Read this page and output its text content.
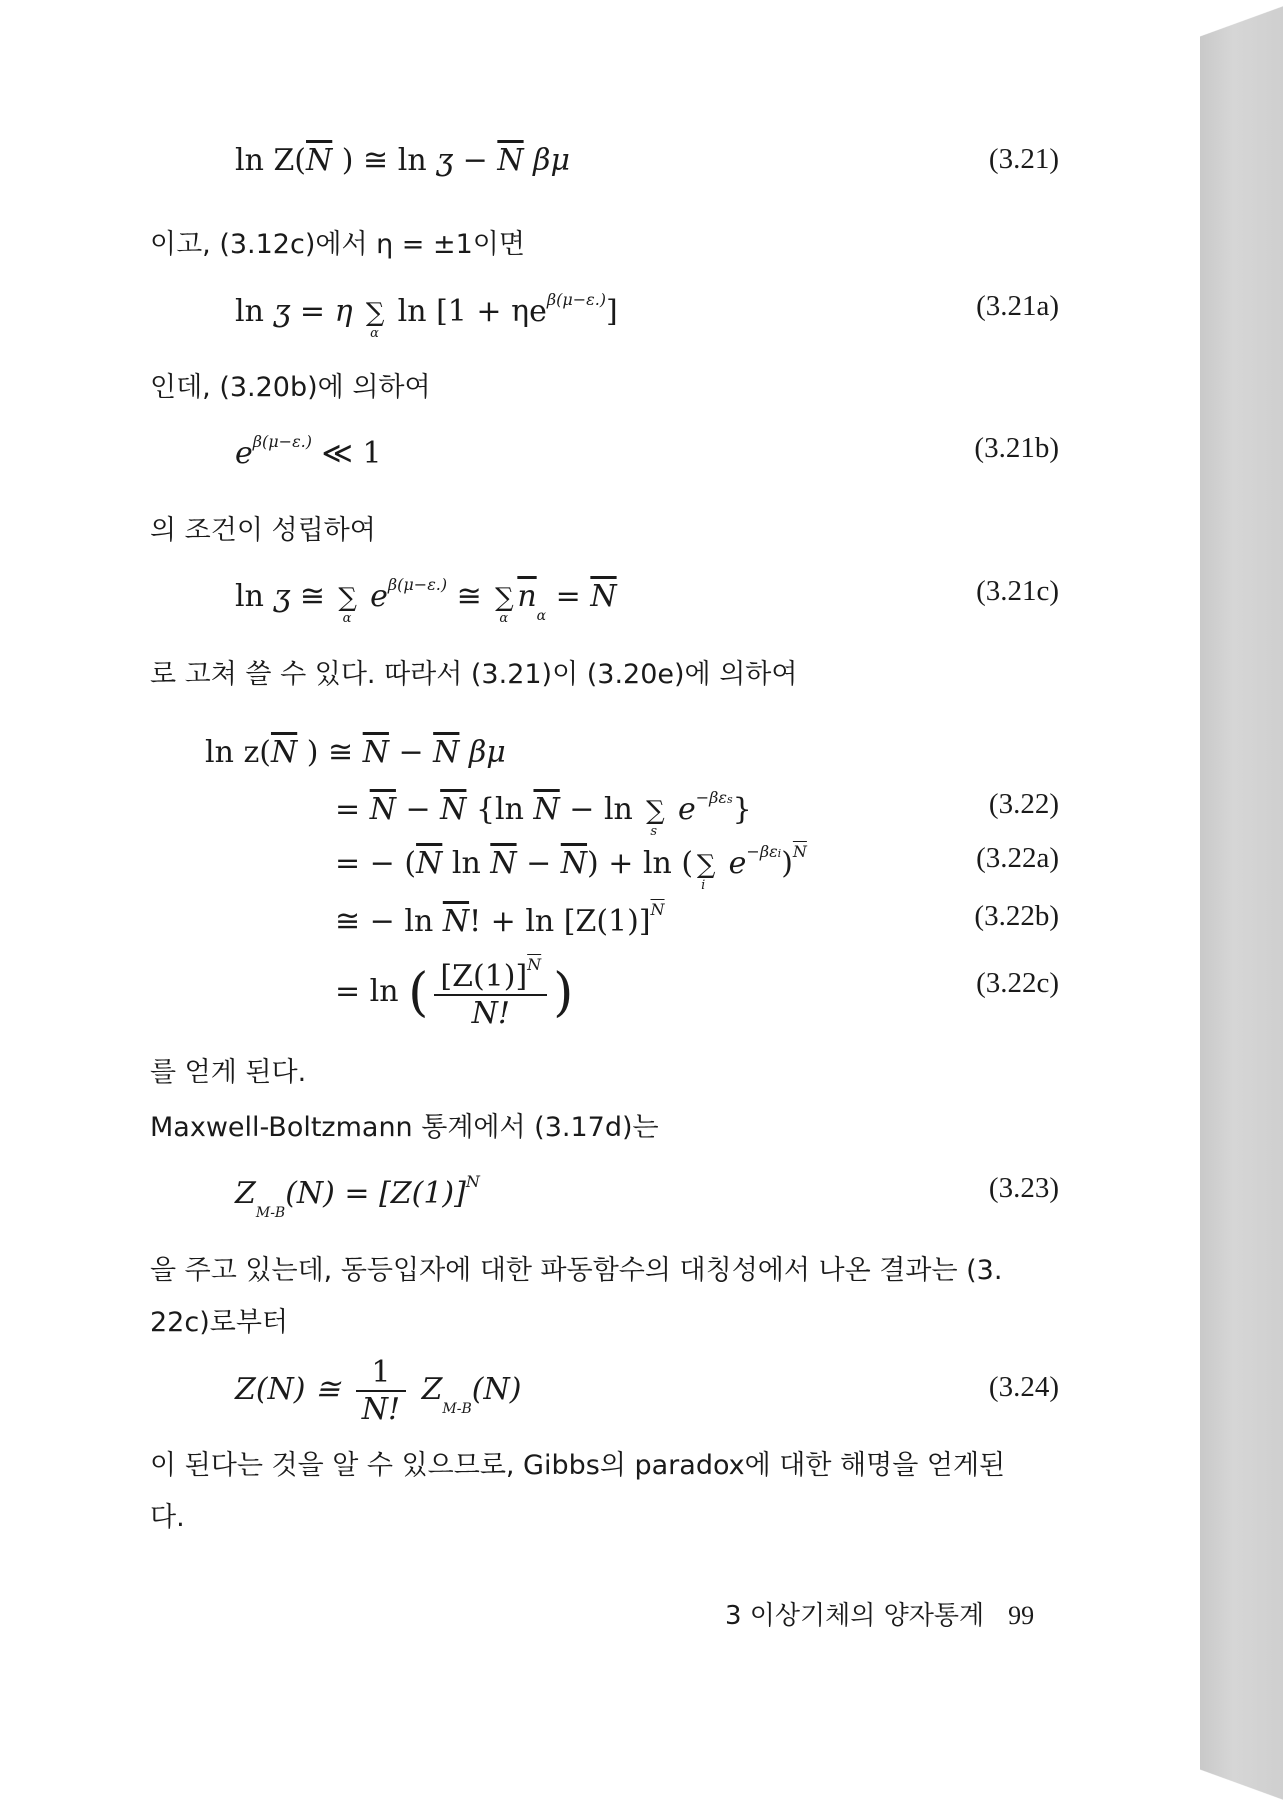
$\ln Z(\overline{N}$ ) ≅ ln ʒ − $\overline{N}$ βμ	(3.21)
이고, (3.12c)에서 η = ±1이면
ln ʒ = η ∑
α
$\ln [1 + \eta e^{\beta(\mu-\varepsilon.)}]$	(3.21a)
인데, (3.20b)에 의하여
$e^{\beta(\mu-\varepsilon.)}$ ≪ 1	(3.21b)
의 조건이 성립하여
ln ʒ ≅ ∑
α
$e^{\beta(\mu-\varepsilon.)}$ ≅ ∑
α
$\overline{n}_\alpha = \overline{N}$	(3.21c)
로 고쳐 쓸 수 있다. 따라서 (3.21)이 (3.20e)에 의하여
$\ln z(\overline{N}$ ) ≅ $\overline{N} - \overline{N}$ βμ
= $\overline{N} - \overline{N}$ {ln $\overline{N} - \ln$ ∑
s
$e^{-\beta\varepsilon s}$}	(3.22)
= − ($\overline{N}$ $\ln \overline{N} - \overline{N}) + \ln$ ( ∑
i
$e^{-\beta\varepsilon i})^{\overline{N}}$	(3.22a)
≅ − $\ln \overline{N}$! + $\ln [Z(1)]^{\overline{N}}$	(3.22b)
= ln ( $\frac{[Z(1)]^{\overline{N}}}{N!}$ )	(3.22c)
를 얻게 된다.
Maxwell-Boltzmann 통계에서 (3.17d)는
$Z_{M-B}(N) = [Z(1)]^N$	(3.23)
을 주고 있는데, 동등입자에 대한 파동함수의 대칭성에서 나온 결과는 (3.
22c)로부터
Z(N) ≅ $\frac{1}{N!} Z_{M-B}(N)$	(3.24)
이 된다는 것을 알 수 있으므로, Gibbs의 paradox에 대한 해명을 얻게된
다.
3 이상기체의 양자통계 99
